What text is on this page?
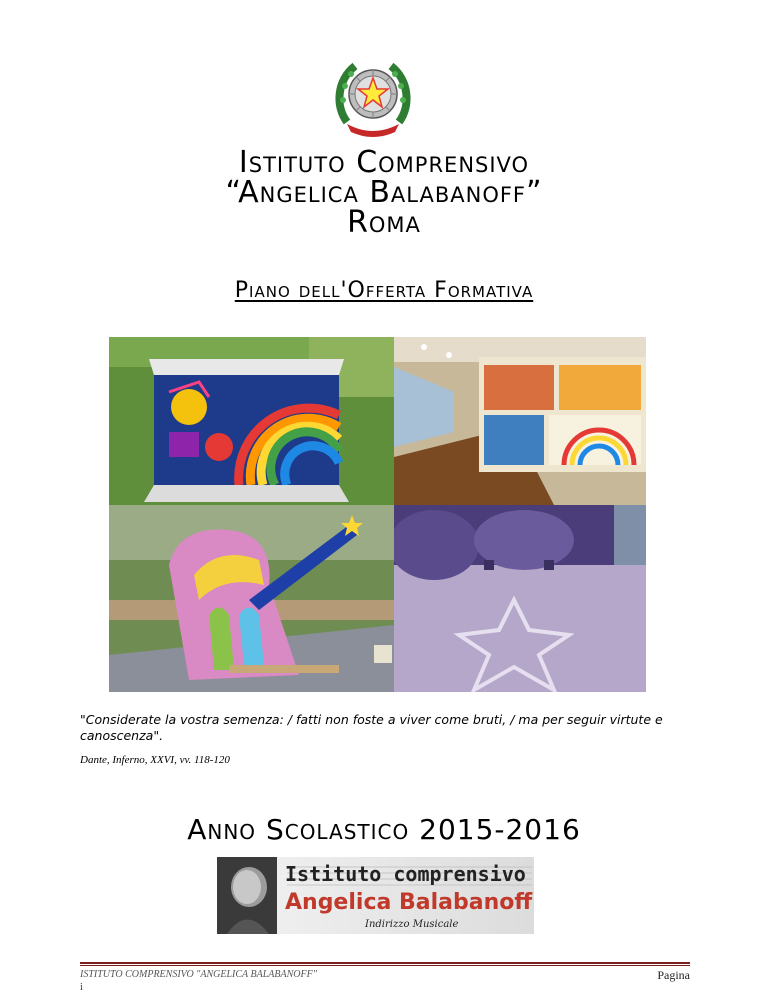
Istituto Comprensivo
“Angelica Balabanoff”
Roma
Piano dell'Offerta Formativa
"Considerate la vostra semenza: / fatti non foste a viver come bruti, / ma per seguir virtute e canoscenza".
Dante, Inferno, XXVI, vv. 118-120
Anno Scolastico 2015-2016
Istituto comprensivo
Angelica Balabanoff
Indirizzo Musicale
ISTITUTO COMPRENSIVO "ANGELICA BALABANOFF"
i
Pagina
